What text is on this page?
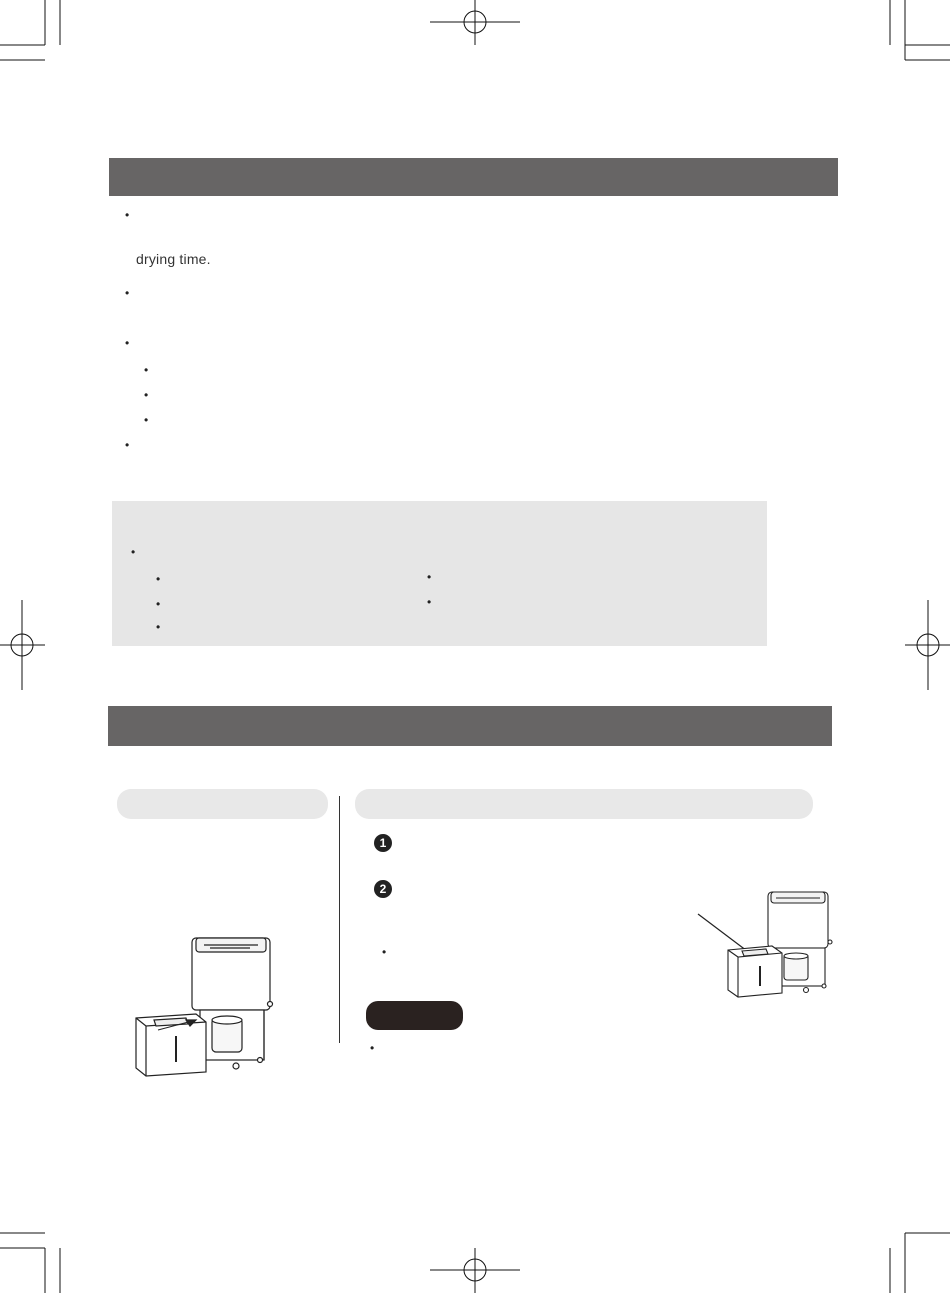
•
drying time.
•
•
•
•
•
•
•
•
•
•
•
•
1
2
•
•
